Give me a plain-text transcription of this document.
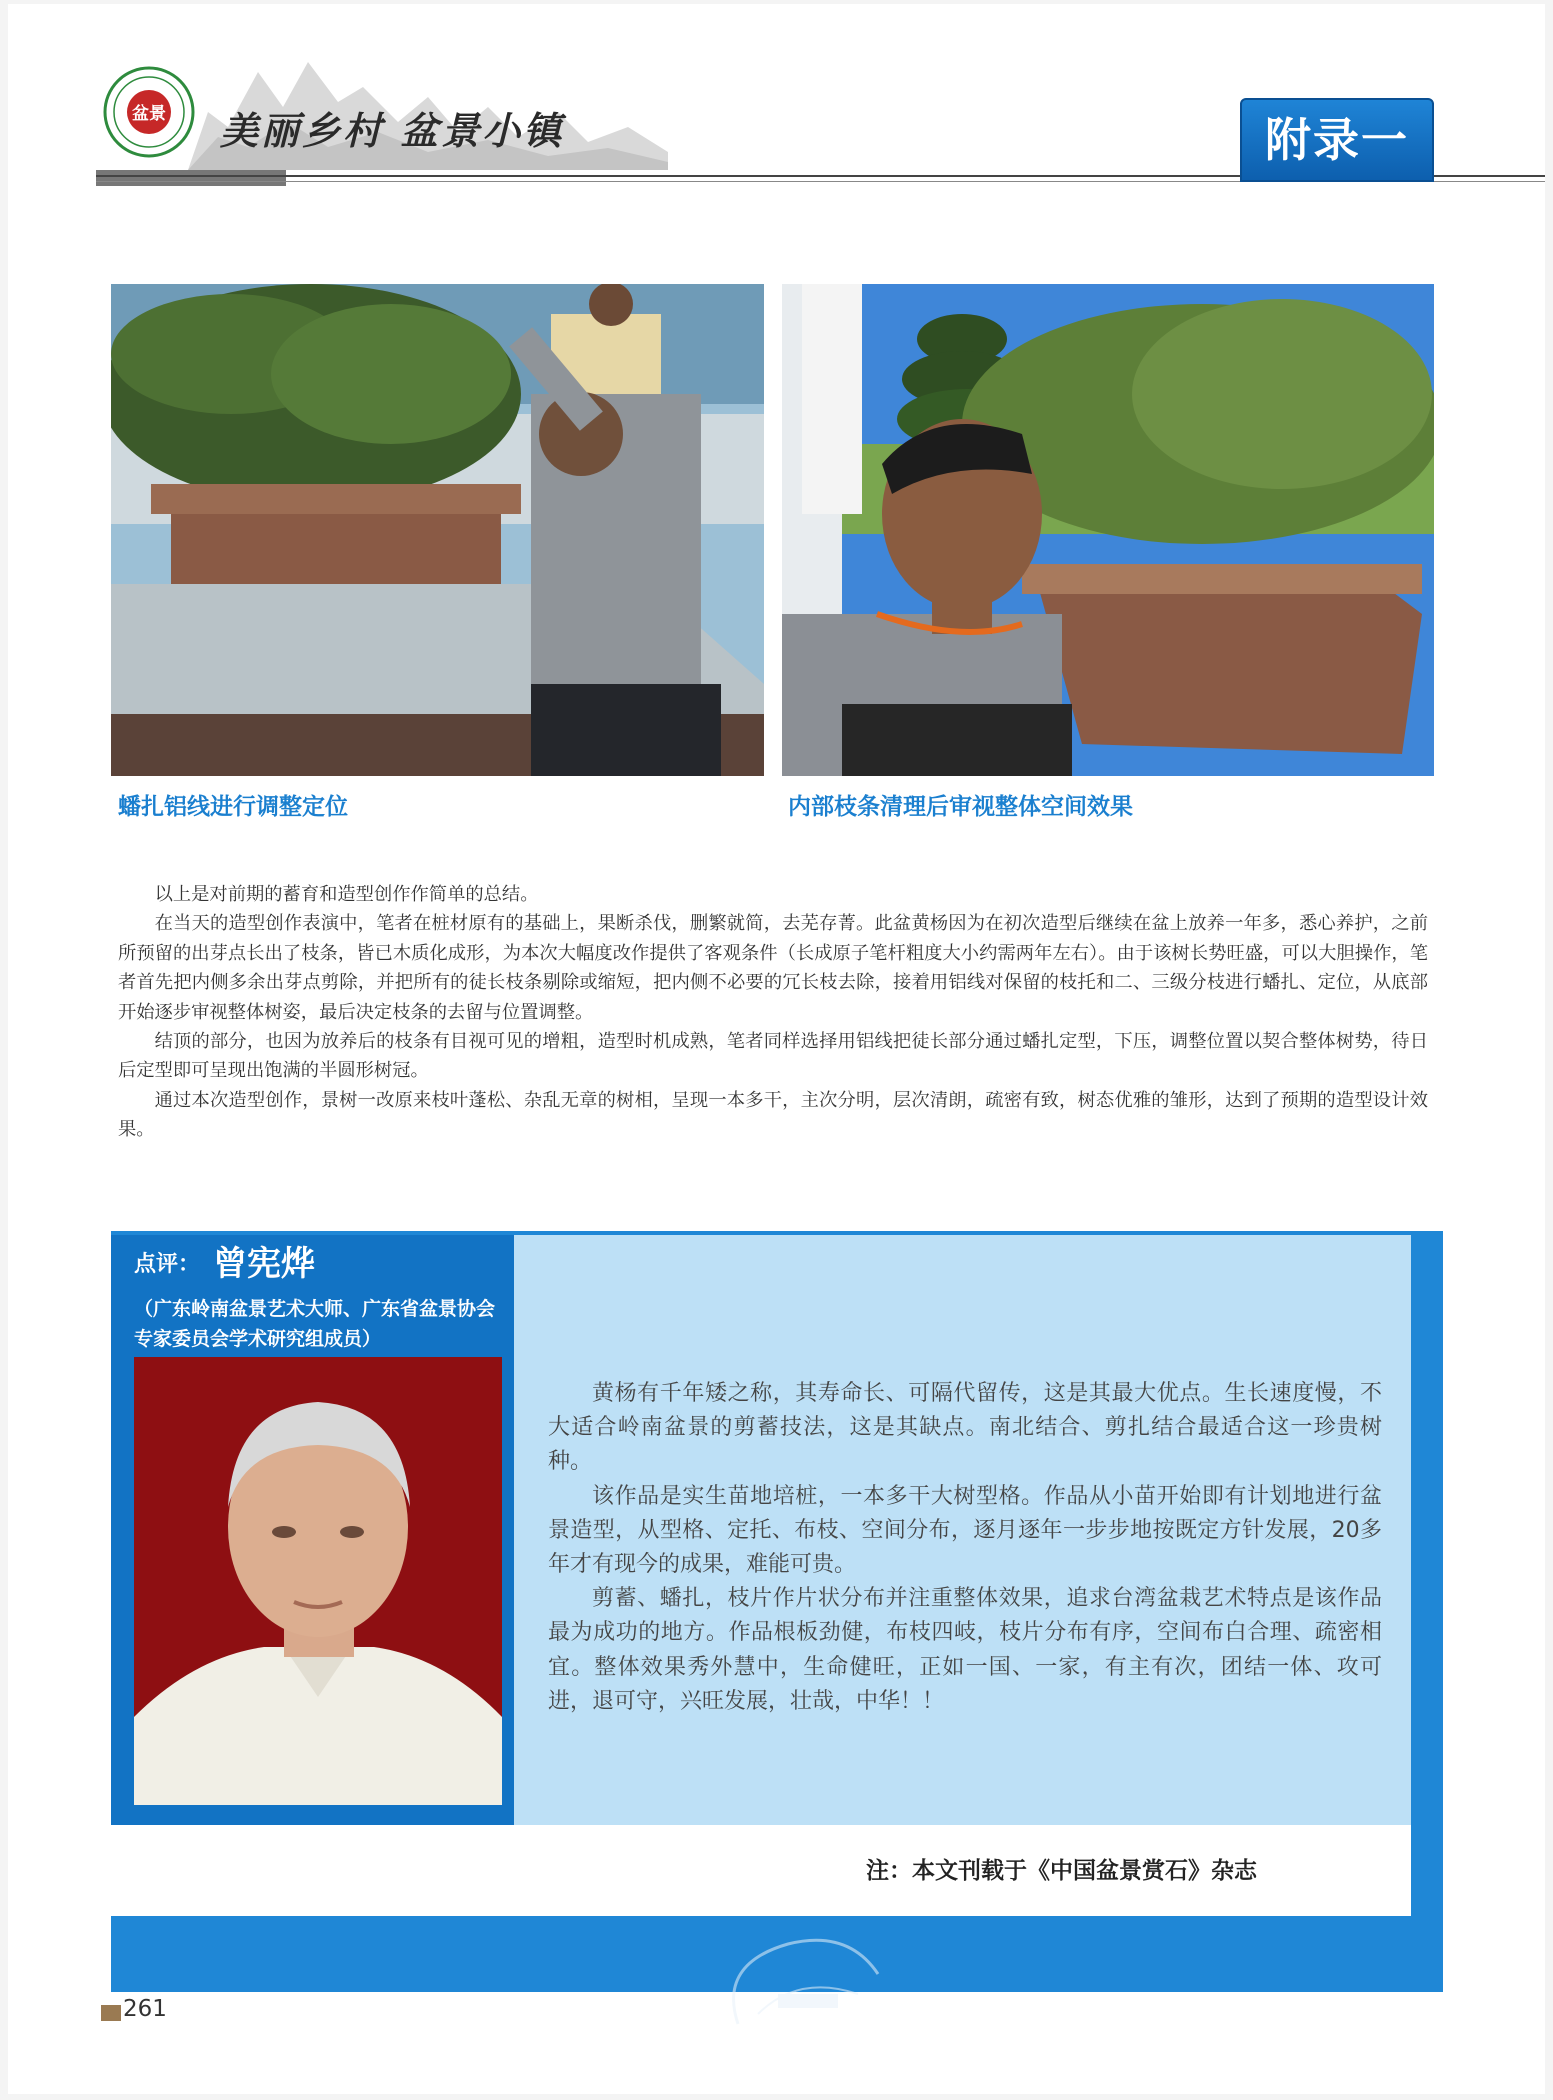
盆景 美丽乡村 盆景小镇	附录一
蟠扎铝线进行调整定位	内部枝条清理后审视整体空间效果

以上是对前期的蓄育和造型创作作简单的总结。

在当天的造型创作表演中，笔者在桩材原有的基础上，果断杀伐，删繁就简，去芜存菁。此盆黄杨因为在初次造型后继续在盆上放养一年多，悉心养护，之前所预留的出芽点长出了枝条，皆已木质化成形，为本次大幅度改作提供了客观条件（长成原子笔杆粗度大小约需两年左右）。由于该树长势旺盛，可以大胆操作，笔者首先把内侧多余出芽点剪除，并把所有的徒长枝条剔除或缩短，把内侧不必要的冗长枝去除，接着用铝线对保留的枝托和二、三级分枝进行蟠扎、定位，从底部开始逐步审视整体树姿，最后决定枝条的去留与位置调整。

结顶的部分，也因为放养后的枝条有目视可见的增粗，造型时机成熟，笔者同样选择用铝线把徒长部分通过蟠扎定型，下压，调整位置以契合整体树势，待日后定型即可呈现出饱满的半圆形树冠。

通过本次造型创作，景树一改原来枝叶蓬松、杂乱无章的树相，呈现一本多干，主次分明，层次清朗，疏密有致，树态优雅的雏形，达到了预期的造型设计效果。

点评： 曾宪烨
（广东岭南盆景艺术大师、广东省盆景协会专家委员会学术研究组成员）

黄杨有千年矮之称，其寿命长、可隔代留传，这是其最大优点。生长速度慢，不大适合岭南盆景的剪蓄技法，这是其缺点。南北结合、剪扎结合最适合这一珍贵树种。

该作品是实生苗地培桩，一本多干大树型格。作品从小苗开始即有计划地进行盆景造型，从型格、定托、布枝、空间分布，逐月逐年一步步地按既定方针发展，20多年才有现今的成果，难能可贵。

剪蓄、蟠扎，枝片作片状分布并注重整体效果，追求台湾盆栽艺术特点是该作品最为成功的地方。作品根板劲健，布枝四岐，枝片分布有序，空间布白合理、疏密相宜。整体效果秀外慧中，生命健旺，正如一国、一家，有主有次，团结一体、攻可进，退可守，兴旺发展，壮哉，中华！！

注：本文刊载于《中国盆景赏石》杂志
261
